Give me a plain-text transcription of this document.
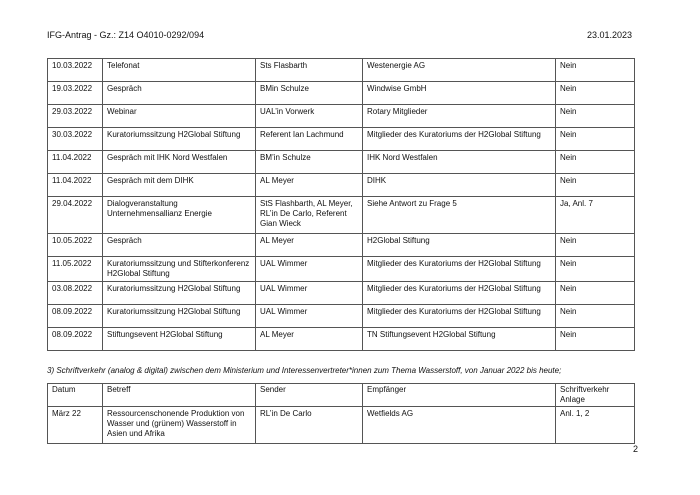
IFG-Antrag - Gz.: Z14 O4010-0292/094	23.01.2023
10.03.2022	Telefonat	Sts Flasbarth	Westenergie AG	Nein
19.03.2022	Gespräch	BMin Schulze	Windwise GmbH	Nein
29.03.2022	Webinar	UAL’in Vorwerk	Rotary Mitglieder	Nein
30.03.2022	Kuratoriumssitzung H2Global Stiftung	Referent Ian Lachmund	Mitglieder des Kuratoriums der H2Global Stiftung	Nein
11.04.2022	Gespräch mit IHK Nord Westfalen	BM’in Schulze	IHK Nord Westfalen	Nein
11.04.2022	Gespräch mit dem DIHK	AL Meyer	DIHK	Nein
29.04.2022	Dialogveranstaltung Unternehmensallianz Energie	StS Flashbarth, AL Meyer, RL’in De Carlo, Referent Gian Wieck	Siehe Antwort zu Frage 5	Ja, Anl. 7
10.05.2022	Gespräch	AL Meyer	H2Global Stiftung	Nein
11.05.2022	Kuratoriumssitzung und Stifterkonferenz H2Global Stiftung	UAL Wimmer	Mitglieder des Kuratoriums der H2Global Stiftung	Nein
03.08.2022	Kuratoriumssitzung H2Global Stiftung	UAL Wimmer	Mitglieder des Kuratoriums der H2Global Stiftung	Nein
08.09.2022	Kuratoriumssitzung H2Global Stiftung	UAL Wimmer	Mitglieder des Kuratoriums der H2Global Stiftung	Nein
08.09.2022	Stiftungsevent H2Global Stiftung	AL Meyer	TN Stiftungsevent H2Global Stiftung	Nein
3) Schriftverkehr (analog & digital) zwischen dem Ministerium und Interessenvertreter*innen zum Thema Wasserstoff, von Januar 2022 bis heute;
Datum	Betreff	Sender	Empfänger	Schriftverkehr Anlage
März 22	Ressourcenschonende Produktion von Wasser und (grünem) Wasserstoff in Asien und Afrika	RL’in De Carlo	Wetfields AG	Anl. 1, 2
2
